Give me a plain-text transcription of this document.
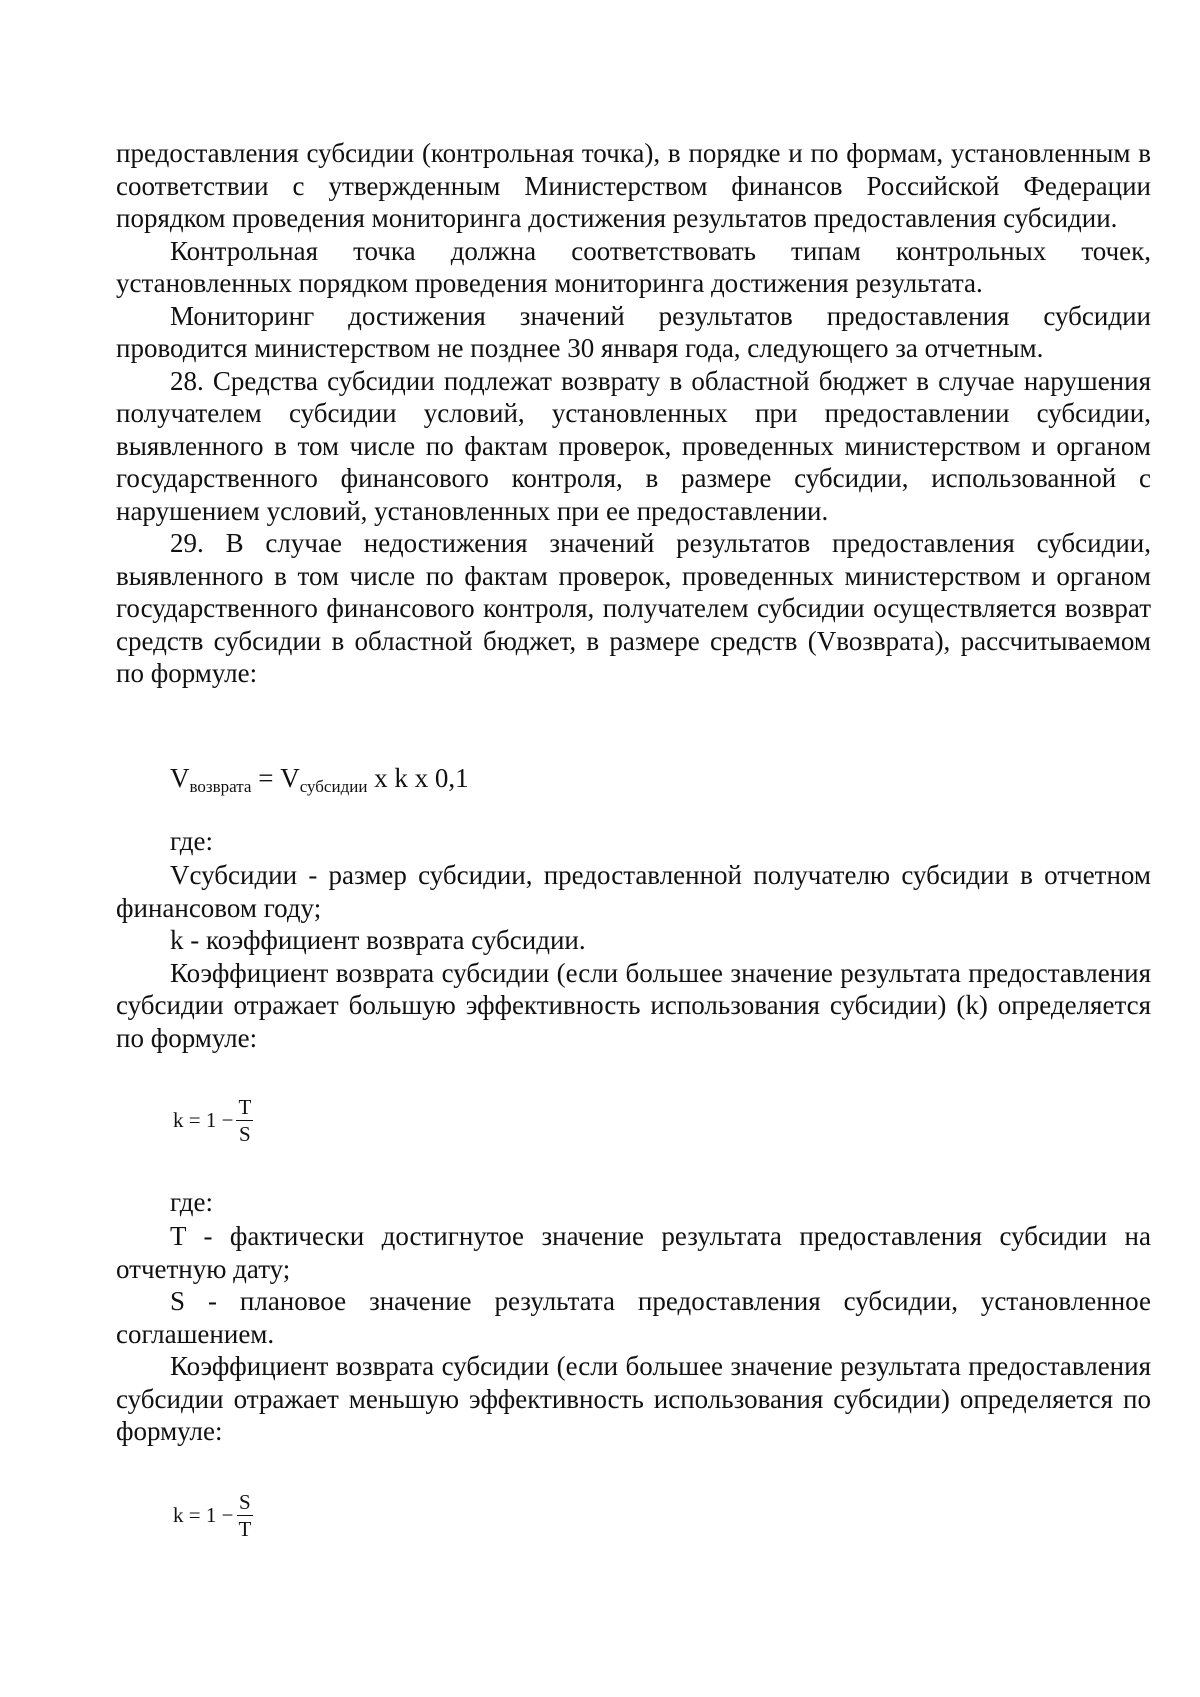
предоставления субсидии (контрольная точка), в порядке и по формам, установленным в соответствии с утвержденным Министерством финансов Российской Федерации порядком проведения мониторинга достижения результатов предоставления субсидии.

Контрольная точка должна соответствовать типам контрольных точек, установленных порядком проведения мониторинга достижения результата.

Мониторинг достижения значений результатов предоставления субсидии проводится министерством не позднее 30 января года, следующего за отчетным.

28. Средства субсидии подлежат возврату в областной бюджет в случае нарушения получателем субсидии условий, установленных при предоставлении субсидии, выявленного в том числе по фактам проверок, проведенных министерством и органом государственного финансового контроля, в размере субсидии, использованной с нарушением условий, установленных при ее предоставлении.

29. В случае недостижения значений результатов предоставления субсидии, выявленного в том числе по фактам проверок, проведенных министерством и органом государственного финансового контроля, получателем субсидии осуществляется возврат средств субсидии в областной бюджет, в размере средств (Vвозврата), рассчитываемом по формуле:

$V_{возврата} = V_{субсидии}$ x k x 0,1
где:

Vсубсидии - размер субсидии, предоставленной получателю субсидии в отчетном финансовом году;

k - коэффициент возврата субсидии.

Коэффициент возврата субсидии (если большее значение результата предоставления субсидии отражает большую эффективность использования субсидии) (k) определяется по формуле:

$k = 1 - \frac{T}{S}$
где:

T - фактически достигнутое значение результата предоставления субсидии на отчетную дату;

S - плановое значение результата предоставления субсидии, установленное соглашением.

Коэффициент возврата субсидии (если большее значение результата предоставления субсидии отражает меньшую эффективность использования субсидии) определяется по формуле:

$k = 1 - \frac{S}{T}$
